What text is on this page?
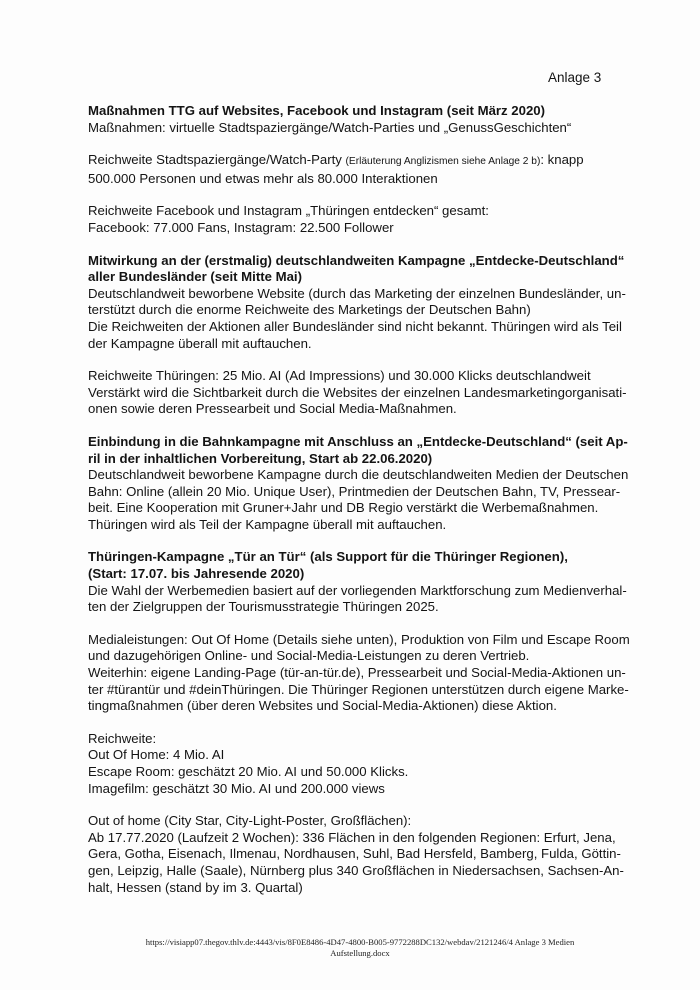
Anlage 3
Maßnahmen TTG auf Websites, Facebook und Instagram (seit März 2020)
Maßnahmen: virtuelle Stadtspaziergänge/Watch-Parties und „GenussGeschichten“
Reichweite Stadtspaziergänge/Watch-Party (Erläuterung Anglizismen siehe Anlage 2 b): knapp
500.000 Personen und etwas mehr als 80.000 Interaktionen
Reichweite Facebook und Instagram „Thüringen entdecken“ gesamt:
Facebook: 77.000 Fans, Instagram: 22.500 Follower
Mitwirkung an der (erstmalig) deutschlandweiten Kampagne „Entdecke-Deutschland“
aller Bundesländer (seit Mitte Mai)
Deutschlandweit beworbene Website (durch das Marketing der einzelnen Bundesländer, un-
terstützt durch die enorme Reichweite des Marketings der Deutschen Bahn)
Die Reichweiten der Aktionen aller Bundesländer sind nicht bekannt. Thüringen wird als Teil
der Kampagne überall mit auftauchen.
Reichweite Thüringen: 25 Mio. AI (Ad Impressions) und 30.000 Klicks deutschlandweit
Verstärkt wird die Sichtbarkeit durch die Websites der einzelnen Landesmarketingorganisati-
onen sowie deren Pressearbeit und Social Media-Maßnahmen.
Einbindung in die Bahnkampagne mit Anschluss an „Entdecke-Deutschland“ (seit Ap-
ril in der inhaltlichen Vorbereitung, Start ab 22.06.2020)
Deutschlandweit beworbene Kampagne durch die deutschlandweiten Medien der Deutschen
Bahn: Online (allein 20 Mio. Unique User), Printmedien der Deutschen Bahn, TV, Pressear-
beit. Eine Kooperation mit Gruner+Jahr und DB Regio verstärkt die Werbemaßnahmen.
Thüringen wird als Teil der Kampagne überall mit auftauchen.
Thüringen-Kampagne „Tür an Tür“ (als Support für die Thüringer Regionen),
(Start: 17.07. bis Jahresende 2020)
Die Wahl der Werbemedien basiert auf der vorliegenden Marktforschung zum Medienverhal-
ten der Zielgruppen der Tourismusstrategie Thüringen 2025.
Medialeistungen: Out Of Home (Details siehe unten), Produktion von Film und Escape Room
und dazugehörigen Online- und Social-Media-Leistungen zu deren Vertrieb.
Weiterhin: eigene Landing-Page (tür-an-tür.de), Pressearbeit und Social-Media-Aktionen un-
ter #türantür und #deinThüringen. Die Thüringer Regionen unterstützen durch eigene Marke-
tingmaßnahmen (über deren Websites und Social-Media-Aktionen) diese Aktion.
Reichweite:
Out Of Home: 4 Mio. AI
Escape Room: geschätzt 20 Mio. AI und 50.000 Klicks.
Imagefilm: geschätzt 30 Mio. AI und 200.000 views
Out of home (City Star, City-Light-Poster, Großflächen):
Ab 17.77.2020 (Laufzeit 2 Wochen): 336 Flächen in den folgenden Regionen: Erfurt, Jena,
Gera, Gotha, Eisenach, Ilmenau, Nordhausen, Suhl, Bad Hersfeld, Bamberg, Fulda, Göttin-
gen, Leipzig, Halle (Saale), Nürnberg plus 340 Großflächen in Niedersachsen, Sachsen-An-
halt, Hessen (stand by im 3. Quartal)
https://visiapp07.thegov.thlv.de:4443/vis/8F0E8486-4D47-4800-B005-9772288DC132/webdav/2121246/4 Anlage 3 Medien
Aufstellung.docx
